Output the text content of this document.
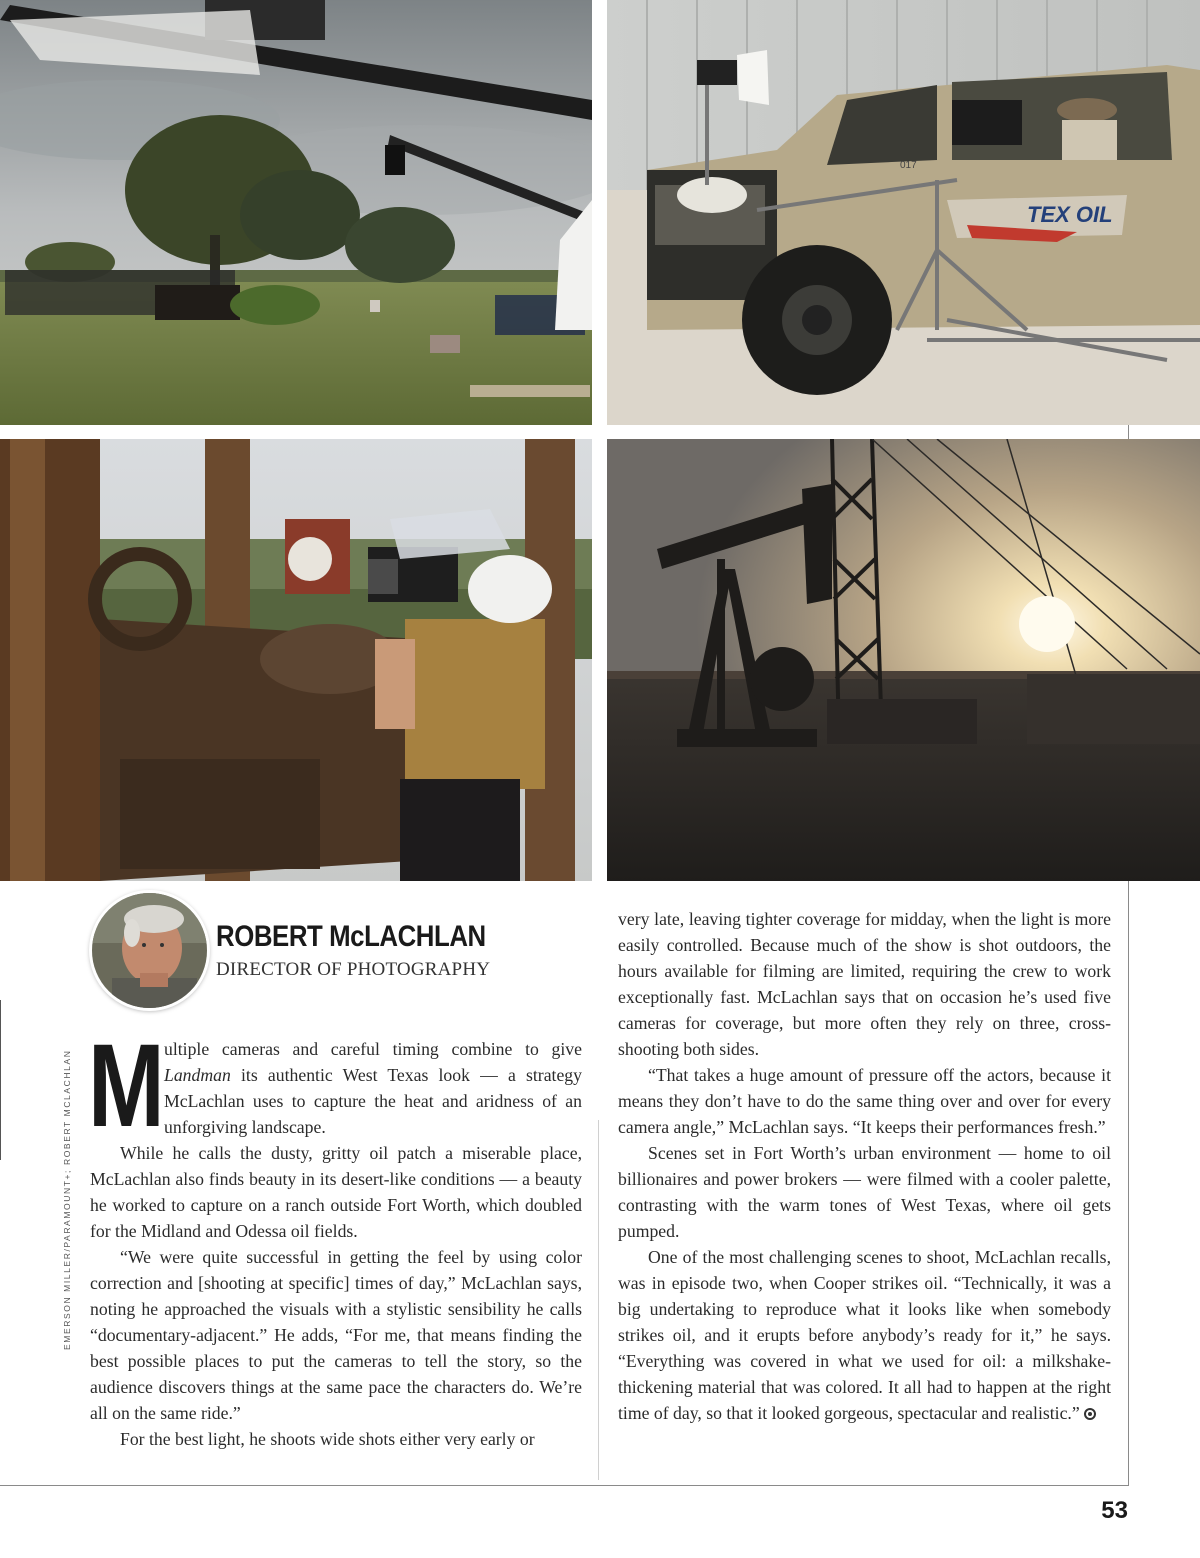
TEX OIL
017
EMERSON MILLER/PARAMOUNT+; ROBERT MCLACHLAN
ROBERT McLACHLAN
DIRECTOR OF PHOTOGRAPHY

Multiple cameras and careful timing combine to give Landman its authentic West Texas look — a strategy McLachlan uses to capture the heat and aridness of an unforgiving landscape.

While he calls the dusty, gritty oil patch a miserable place, McLachlan also finds beauty in its desert-like conditions — a beauty he worked to capture on a ranch outside Fort Worth, which doubled for the Midland and Odessa oil fields.

“We were quite successful in getting the feel by using color correction and [shooting at specific] times of day,” McLachlan says, noting he approached the visuals with a stylistic sensibility he calls “documentary-adjacent.” He adds, “For me, that means finding the best possible places to put the cameras to tell the story, so the audience discovers things at the same pace the characters do. We’re all on the same ride.”

For the best light, he shoots wide shots either very early or

very late, leaving tighter coverage for midday, when the light is more easily controlled. Because much of the show is shot outdoors, the hours available for filming are limited, requiring the crew to work exceptionally fast. McLachlan says that on occasion he’s used five cameras for coverage, but more often they rely on three, cross-shooting both sides.

“That takes a huge amount of pressure off the actors, because it means they don’t have to do the same thing over and over for every camera angle,” McLachlan says. “It keeps their performances fresh.”

Scenes set in Fort Worth’s urban environment — home to oil billionaires and power brokers — were filmed with a cooler palette, contrasting with the warm tones of West Texas, where oil gets pumped.

One of the most challenging scenes to shoot, McLachlan recalls, was in episode two, when Cooper strikes oil. “Technically, it was a big undertaking to reproduce what it looks like when somebody strikes oil, and it erupts before anybody’s ready for it,” he says. “Everything was covered in what we used for oil: a milkshake-thickening material that was colored. It all had to happen at the right time of day, so that it looked gorgeous, spectacular and realistic.”

53
